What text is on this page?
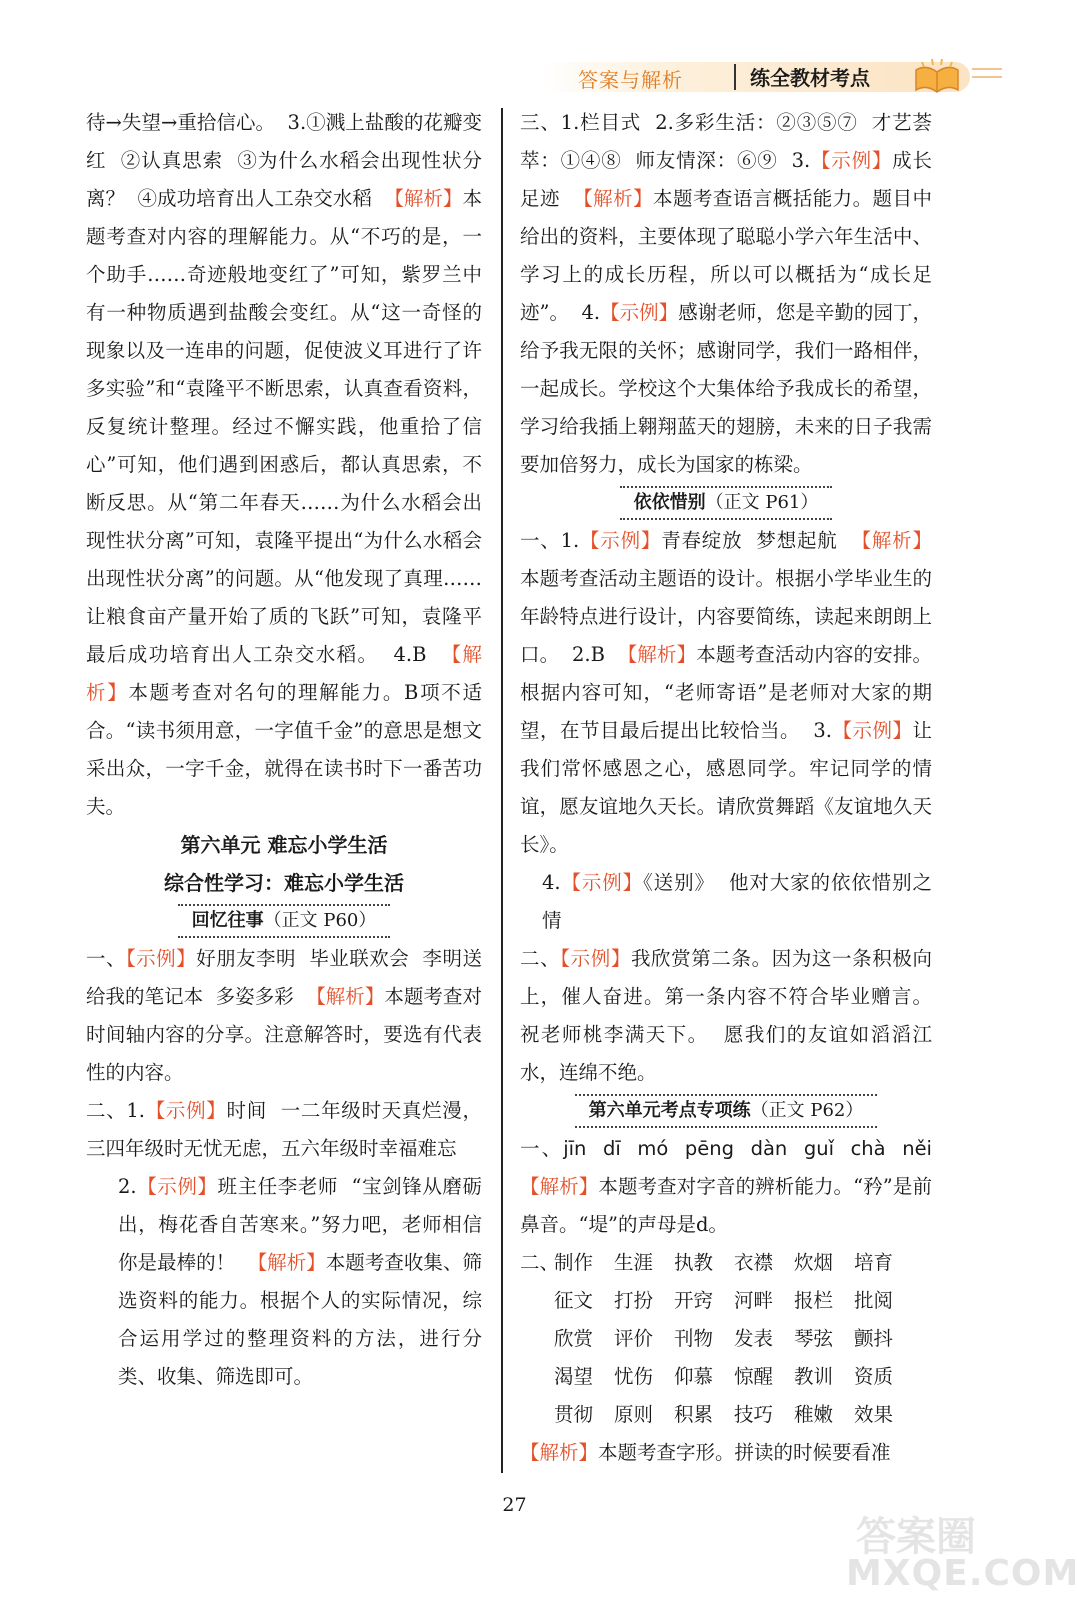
答案与解析	练全教材考点

待→失望→重拾信心。  3.①溅上盐酸的花瓣变红  ②认真思索  ③为什么水稻会出现性状分离？  ④成功培育出人工杂交水稻  【解析】本题考查对内容的理解能力。从“不巧的是，一个助手……奇迹般地变红了”可知，紫罗兰中有一种物质遇到盐酸会变红。从“这一奇怪的现象以及一连串的问题，促使波义耳进行了许多实验”和“袁隆平不断思索，认真查看资料，反复统计整理。经过不懈实践，他重拾了信心”可知，他们遇到困惑后，都认真思索，不断反思。从“第二年春天……为什么水稻会出现性状分离”可知，袁隆平提出“为什么水稻会出现性状分离”的问题。从“他发现了真理……让粮食亩产量开始了质的飞跃”可知，袁隆平最后成功培育出人工杂交水稻。  4.B  【解析】本题考查对名句的理解能力。B项不适合。“读书须用意，一字值千金”的意思是想文采出众，一字千金，就得在读书时下一番苦功夫。

第六单元 难忘小学生活
综合性学习：难忘小学生活
回忆往事（正文 P60）

一、【示例】好朋友李明  毕业联欢会  李明送给我的笔记本  多姿多彩  【解析】本题考查对时间轴内容的分享。注意解答时，要选有代表性的内容。

二、1.【示例】时间  一二年级时天真烂漫，三四年级时无忧无虑，五六年级时幸福难忘

2.【示例】班主任李老师  “宝剑锋从磨砺出，梅花香自苦寒来。”努力吧，老师相信你是最棒的！  【解析】本题考查收集、筛选资料的能力。根据个人的实际情况，综合运用学过的整理资料的方法，进行分类、收集、筛选即可。

三、1.栏目式  2.多彩生活：②③⑤⑦  才艺荟萃：①④⑧  师友情深：⑥⑨  3.【示例】成长足迹  【解析】本题考查语言概括能力。题目中给出的资料，主要体现了聪聪小学六年生活中、学习上的成长历程，所以可以概括为“成长足迹”。  4.【示例】感谢老师，您是辛勤的园丁，给予我无限的关怀；感谢同学，我们一路相伴，一起成长。学校这个大集体给予我成长的希望，学习给我插上翱翔蓝天的翅膀，未来的日子我需要加倍努力，成长为国家的栋梁。

依依惜别（正文 P61）

一、1.【示例】青春绽放  梦想起航  【解析】本题考查活动主题语的设计。根据小学毕业生的年龄特点进行设计，内容要简练，读起来朗朗上口。  2.B  【解析】本题考查活动内容的安排。根据内容可知，“老师寄语”是老师对大家的期望，在节目最后提出比较恰当。  3.【示例】让我们常怀感恩之心，感恩同学。牢记同学的情谊，愿友谊地久天长。请欣赏舞蹈《友谊地久天长》。

4.【示例】《送别》  他对大家的依依惜别之情

二、【示例】我欣赏第二条。因为这一条积极向上，催人奋进。第一条内容不符合毕业赠言。  祝老师桃李满天下。  愿我们的友谊如滔滔江水，连绵不绝。

第六单元考点专项练（正文 P62）

一、jīn  dī  mó  pēng  dàn  guǐ  chà  něi  【解析】本题考查对字音的辨析能力。“矜”是前鼻音。“堤”的声母是d。

二、
制作	生涯	执教	衣襟	炊烟	培育
征文	打扮	开窍	河畔	报栏	批阅
欣赏	评价	刊物	发表	琴弦	颤抖
渴望	忧伤	仰慕	惊醒	教训	资质
贯彻	原则	积累	技巧	稚嫩	效果

【解析】本题考查字形。拼读的时候要看准

27
答案圈
MXQE.COM
